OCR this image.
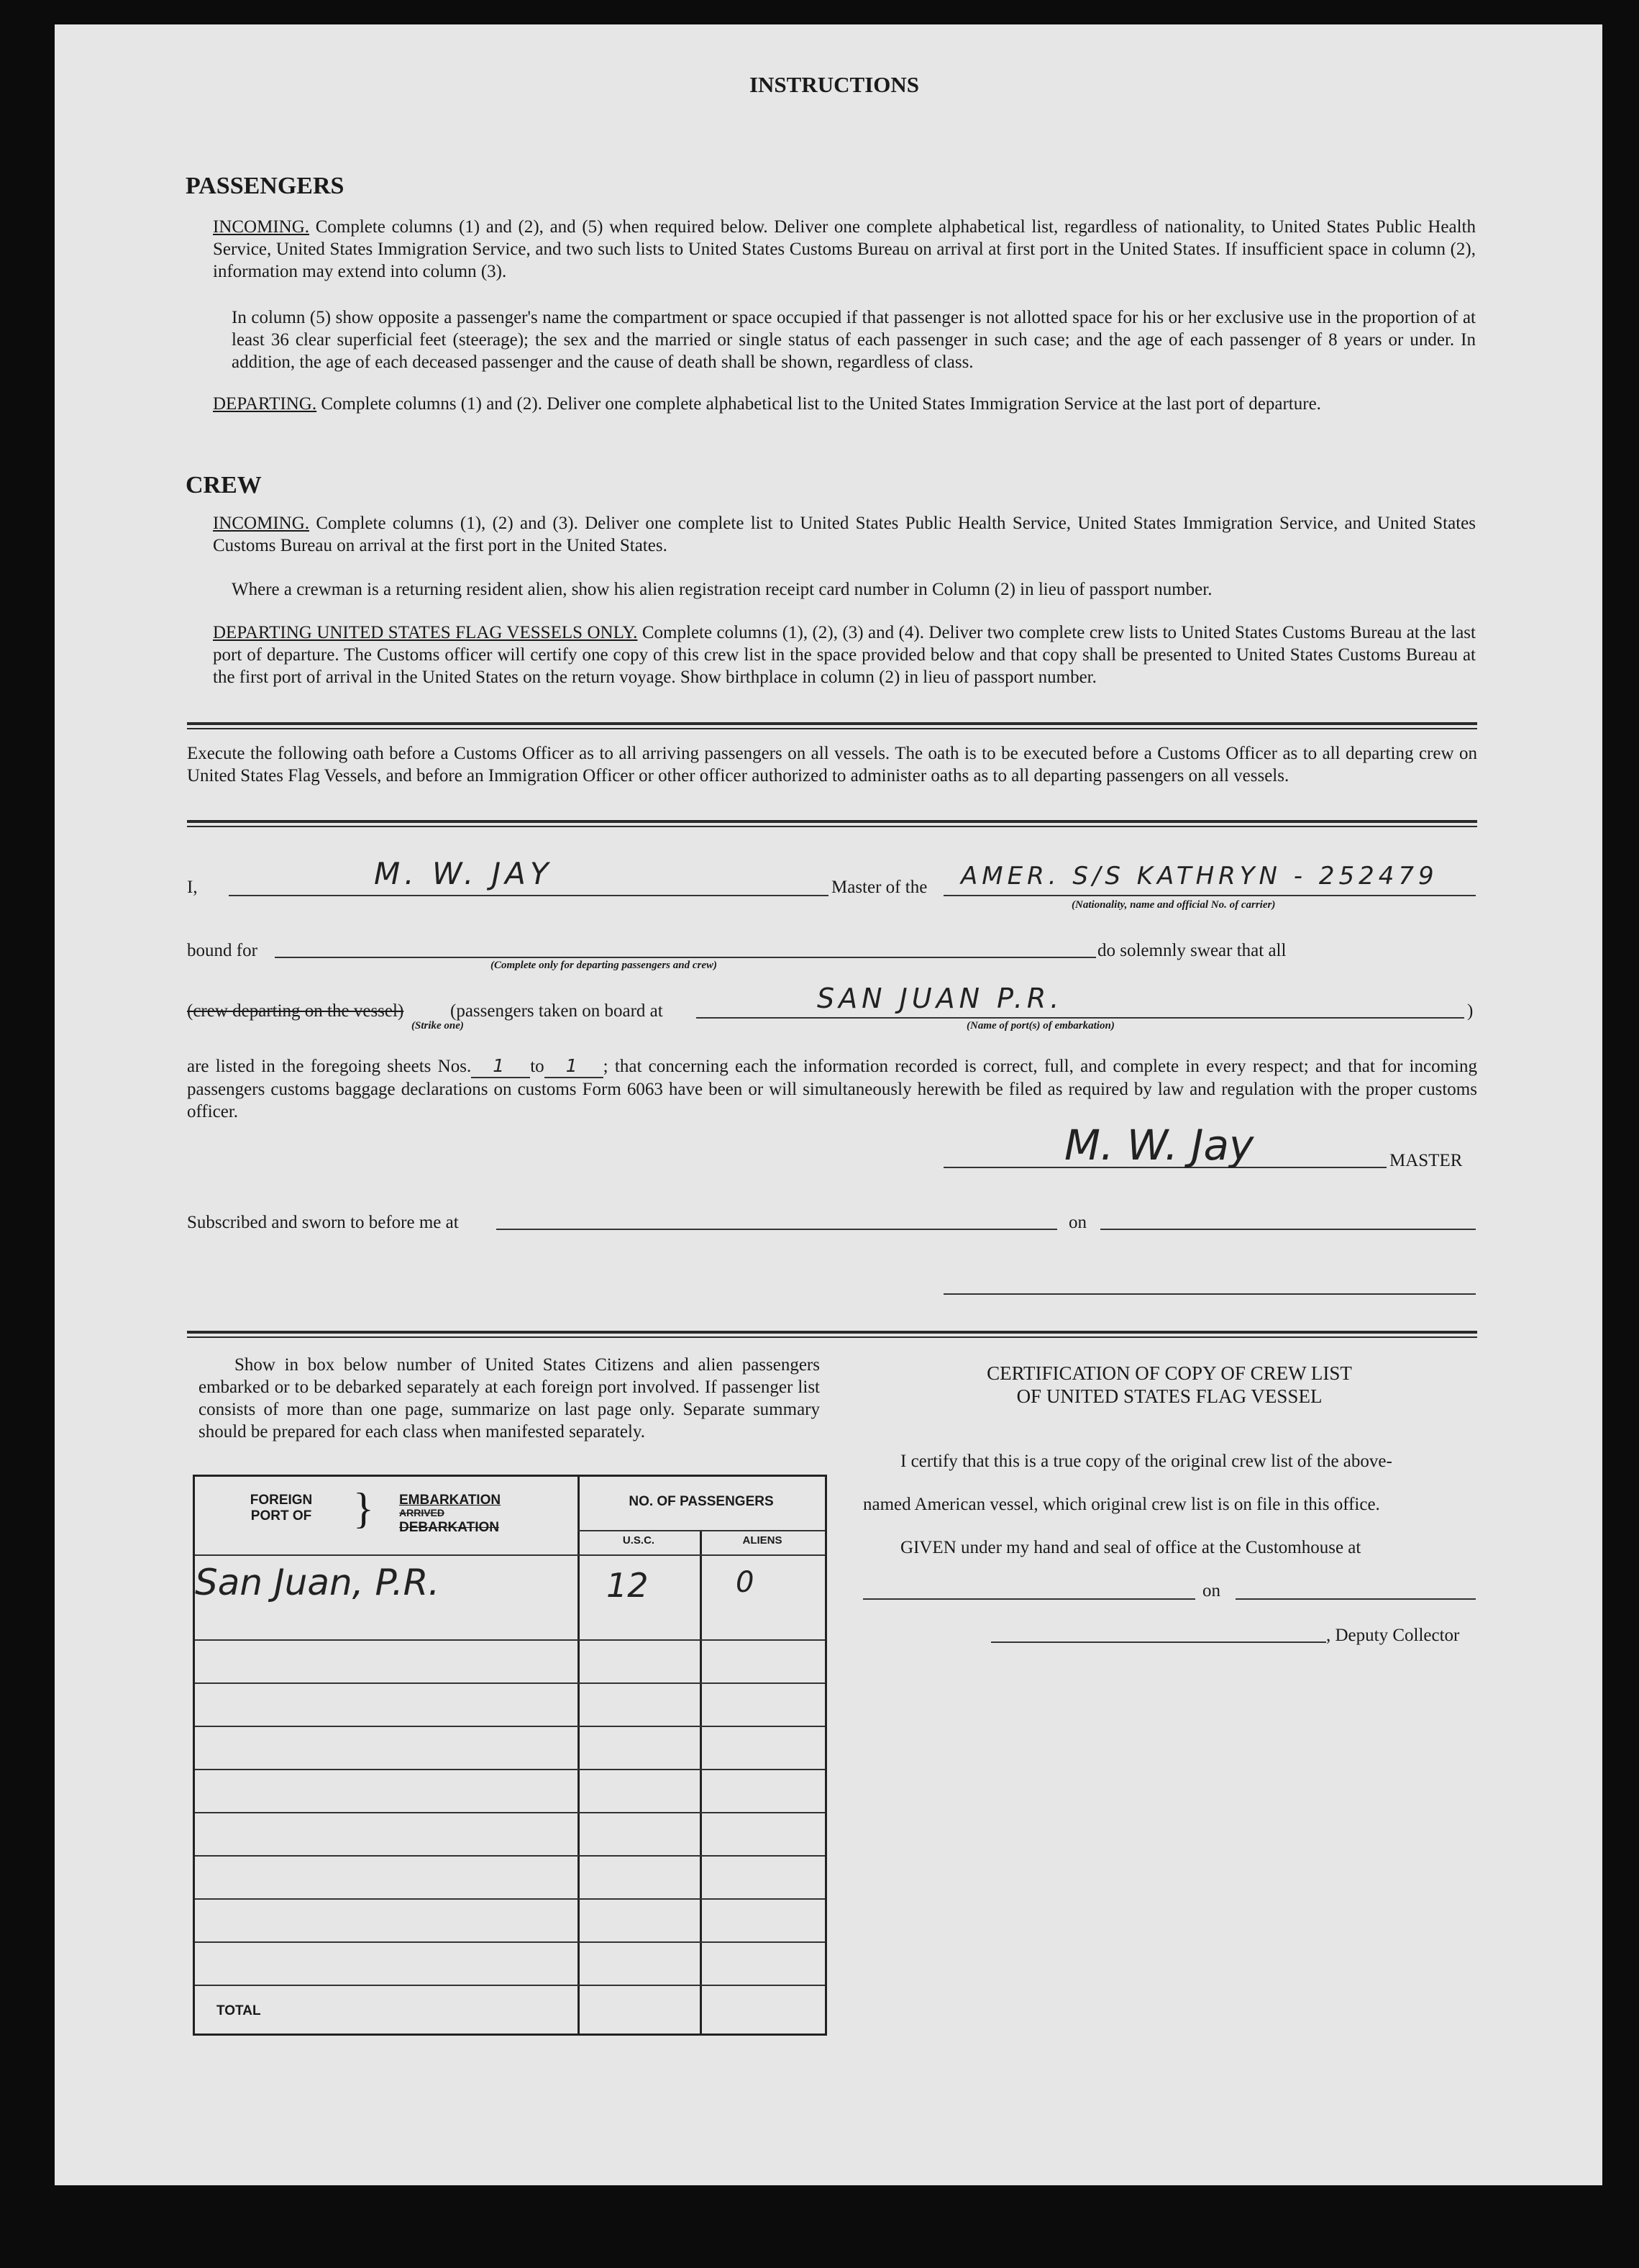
INSTRUCTIONS
PASSENGERS
INCOMING. Complete columns (1) and (2), and (5) when required below. Deliver one complete alphabetical list, regardless of nationality, to United States Public Health Service, United States Immigration Service, and two such lists to United States Customs Bureau on arrival at first port in the United States. If insufficient space in column (2), information may extend into column (3).
In column (5) show opposite a passenger's name the compartment or space occupied if that passenger is not allotted space for his or her exclusive use in the proportion of at least 36 clear superficial feet (steerage); the sex and the married or single status of each passenger in such case; and the age of each passenger of 8 years or under. In addition, the age of each deceased passenger and the cause of death shall be shown, regardless of class.
DEPARTING. Complete columns (1) and (2). Deliver one complete alphabetical list to the United States Immigration Service at the last port of departure.
CREW
INCOMING. Complete columns (1), (2) and (3). Deliver one complete list to United States Public Health Service, United States Immigration Service, and United States Customs Bureau on arrival at the first port in the United States.
Where a crewman is a returning resident alien, show his alien registration receipt card number in Column (2) in lieu of passport number.
DEPARTING UNITED STATES FLAG VESSELS ONLY. Complete columns (1), (2), (3) and (4). Deliver two complete crew lists to United States Customs Bureau at the last port of departure. The Customs officer will certify one copy of this crew list in the space provided below and that copy shall be presented to United States Customs Bureau at the first port of arrival in the United States on the return voyage. Show birthplace in column (2) in lieu of passport number.
Execute the following oath before a Customs Officer as to all arriving passengers on all vessels. The oath is to be executed before a Customs Officer as to all departing crew on United States Flag Vessels, and before an Immigration Officer or other officer authorized to administer oaths as to all departing passengers on all vessels.
I,	M. W. JAY	Master of the AMER. S/S KATHRYN - 252479
(Nationality, name and official No. of carrier)
bound for
(Complete only for departing passengers and crew)
do solemnly swear that all
(crew departing on the vessel)
(Strike one)
(passengers taken on board at	SAN JUAN P.R.
(Name of port(s) of embarkation)
)
are listed in the foregoing sheets Nos. 1 to 1 ; that concerning each the information recorded is correct, full, and complete in every respect; and that for incoming passengers customs baggage declarations on customs Form 6063 have been or will simultaneously herewith be filed as required by law and regulation with the proper customs officer.
M. W. Jay	MASTER
Subscribed and sworn to before me at	on
Show in box below number of United States Citizens and alien passengers embarked or to be debarked separately at each foreign port involved. If passenger list consists of more than one page, summarize on last page only. Separate summary should be prepared for each class when manifested separately.
FOREIGN PORT OF } EMBARKATION
ARRIVED
DEBARKATION
NO. OF PASSENGERS
U.S.C.	ALIENS
San Juan, P.R.	12	0
TOTAL
CERTIFICATION OF COPY OF CREW LIST
OF UNITED STATES FLAG VESSEL
I certify that this is a true copy of the original crew list of the above-
named American vessel, which original crew list is on file in this office.
GIVEN under my hand and seal of office at the Customhouse at
on
, Deputy Collector
